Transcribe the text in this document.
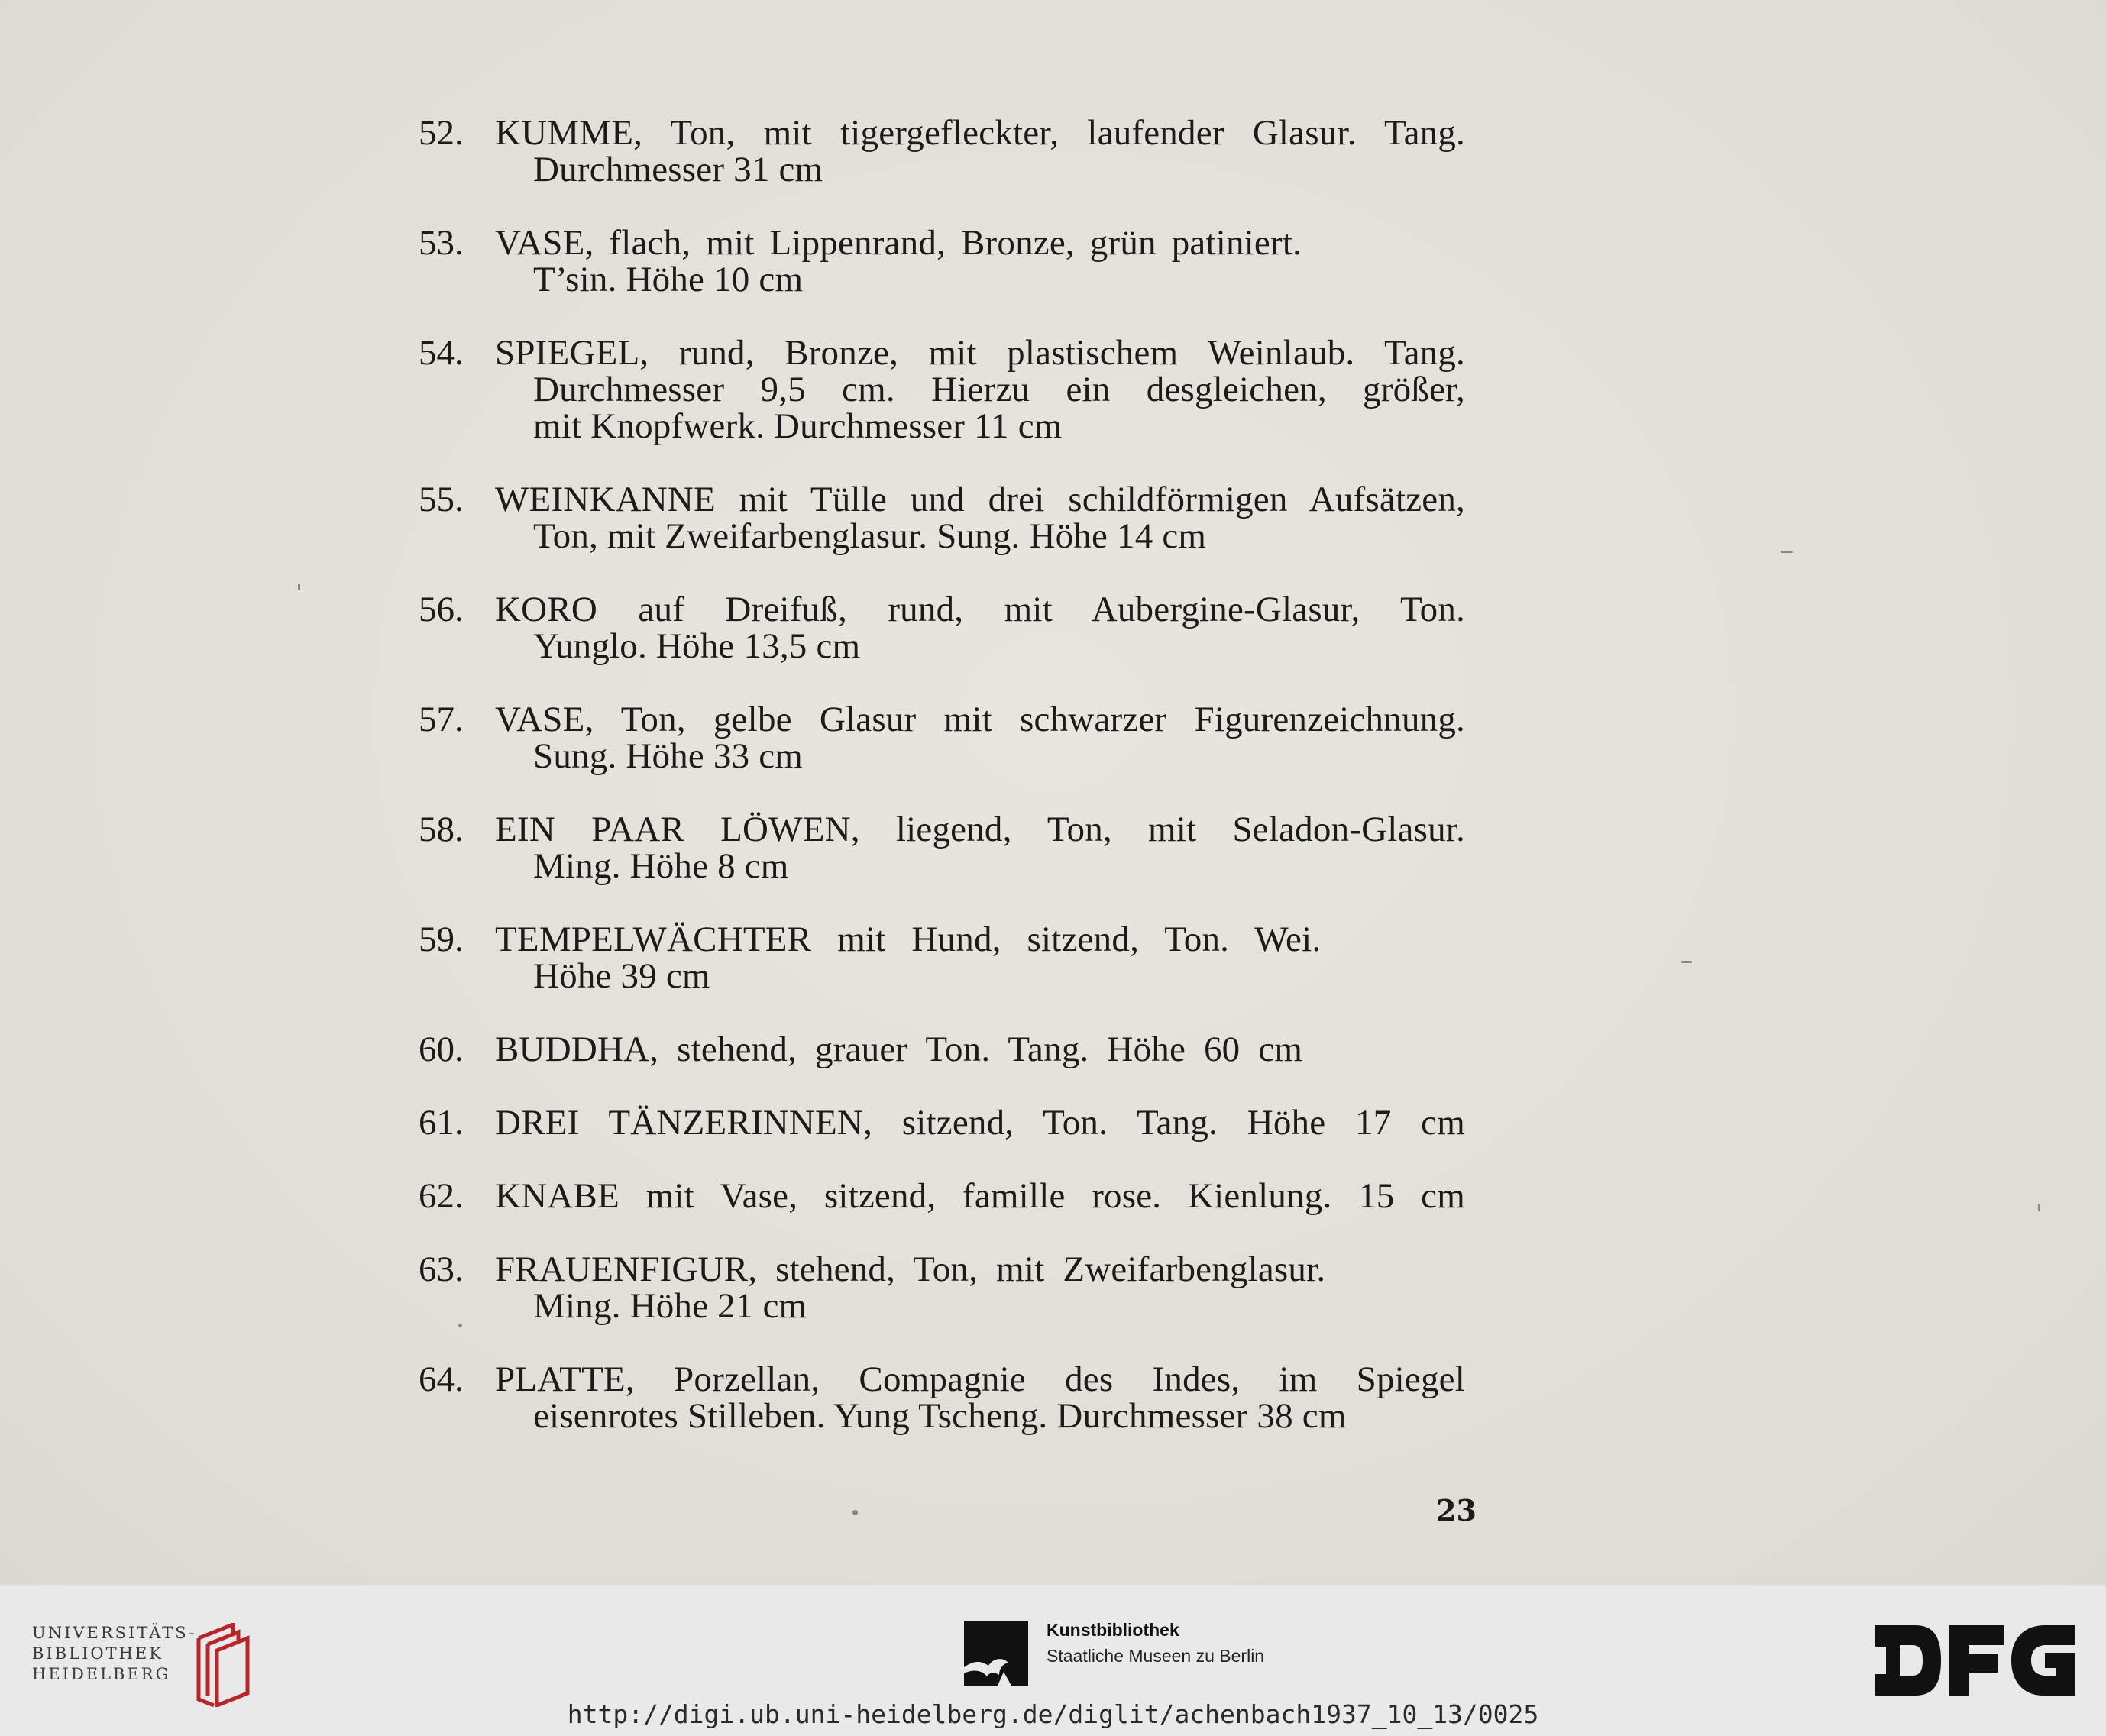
52. KUMME, Ton, mit tigergefleckter, laufender Glasur. Tang.
Durchmesser 31 cm
53. VASE, flach, mit Lippenrand, Bronze, grün patiniert.
T’sin. Höhe 10 cm
54. SPIEGEL, rund, Bronze, mit plastischem Weinlaub. Tang.
Durchmesser 9,5 cm. Hierzu ein desgleichen, größer,
mit Knopfwerk. Durchmesser 11 cm
55. WEINKANNE mit Tülle und drei schildförmigen Aufsätzen,
Ton, mit Zweifarbenglasur. Sung. Höhe 14 cm
56. KORO auf Dreifuß, rund, mit Aubergine-Glasur, Ton.
Yunglo. Höhe 13,5 cm
57. VASE, Ton, gelbe Glasur mit schwarzer Figurenzeichnung.
Sung. Höhe 33 cm
58. EIN PAAR LÖWEN, liegend, Ton, mit Seladon-Glasur.
Ming. Höhe 8 cm
59. TEMPELWÄCHTER mit Hund, sitzend, Ton. Wei.
Höhe 39 cm
60. BUDDHA, stehend, grauer Ton. Tang. Höhe 60 cm
61. DREI TÄNZERINNEN, sitzend, Ton. Tang. Höhe 17 cm
62. KNABE mit Vase, sitzend, famille rose. Kienlung. 15 cm
63. FRAUENFIGUR, stehend, Ton, mit Zweifarbenglasur.
Ming. Höhe 21 cm
64. PLATTE, Porzellan, Compagnie des Indes, im Spiegel
eisenrotes Stilleben. Yung Tscheng. Durchmesser 38 cm
23
UNIVERSITÄTS-
BIBLIOTHEK
HEIDELBERG
Kunstbibliothek
Staatliche Museen zu Berlin
http://digi.ub.uni-heidelberg.de/diglit/achenbach1937_10_13/0025
